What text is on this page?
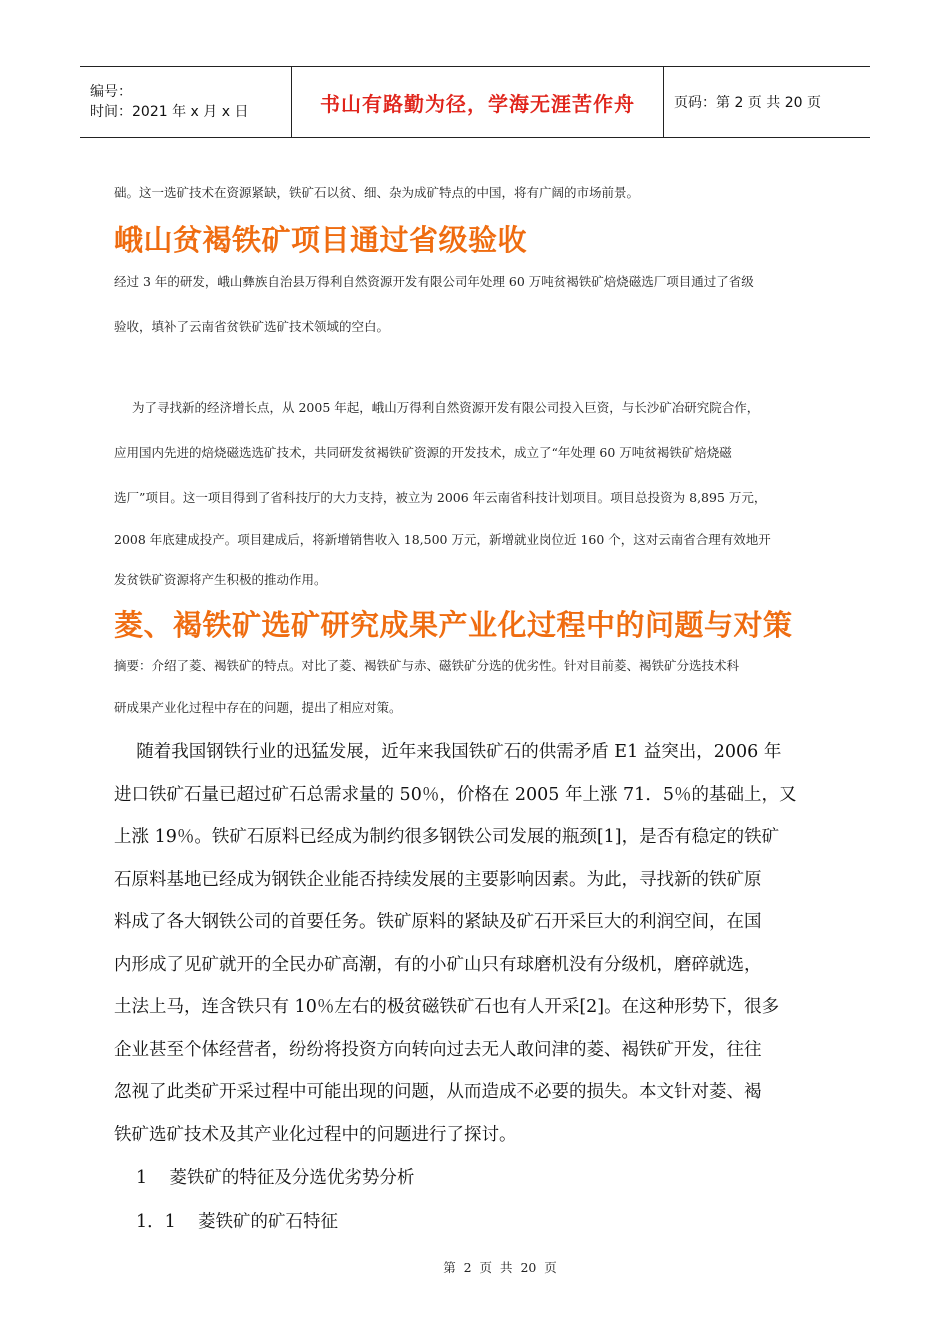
编号：
时间：2021 年 x 月 x 日	书山有路勤为径，学海无涯苦作舟	页码：第 2 页 共 20 页
础。这一选矿技术在资源紧缺，铁矿石以贫、细、杂为成矿特点的中国，将有广阔的市场前景。
峨山贫褐铁矿项目通过省级验收
经过 3 年的研发，峨山彝族自治县万得利自然资源开发有限公司年处理 60 万吨贫褐铁矿焙烧磁选厂项目通过了省级
验收，填补了云南省贫铁矿选矿技术领域的空白。
为了寻找新的经济增长点，从 2005 年起，峨山万得利自然资源开发有限公司投入巨资，与长沙矿冶研究院合作，
应用国内先进的焙烧磁选选矿技术，共同研发贫褐铁矿资源的开发技术，成立了“年处理 60 万吨贫褐铁矿焙烧磁
选厂”项目。这一项目得到了省科技厅的大力支持，被立为 2006 年云南省科技计划项目。项目总投资为 8,895 万元，
2008 年底建成投产。项目建成后，将新增销售收入 18,500 万元，新增就业岗位近 160 个，这对云南省合理有效地开
发贫铁矿资源将产生积极的推动作用。
菱、褐铁矿选矿研究成果产业化过程中的问题与对策
摘要：介绍了菱、褐铁矿的特点。对比了菱、褐铁矿与赤、磁铁矿分选的优劣性。针对目前菱、褐铁矿分选技术科
研成果产业化过程中存在的问题，提出了相应对策。
随着我国钢铁行业的迅猛发展，近年来我国铁矿石的供需矛盾 E1 益突出，2006 年
进口铁矿石量已超过矿石总需求量的 50％，价格在 2005 年上涨 71．5％的基础上，又
上涨 19％。铁矿石原料已经成为制约很多钢铁公司发展的瓶颈[1]，是否有稳定的铁矿
石原料基地已经成为钢铁企业能否持续发展的主要影响因素。为此，寻找新的铁矿原
料成了各大钢铁公司的首要任务。铁矿原料的紧缺及矿石开采巨大的利润空间，在国
内形成了见矿就开的全民办矿高潮，有的小矿山只有球磨机没有分级机，磨碎就选，
土法上马，连含铁只有 10％左右的极贫磁铁矿石也有人开采[2]。在这种形势下，很多
企业甚至个体经营者，纷纷将投资方向转向过去无人敢问津的菱、褐铁矿开发，往往
忽视了此类矿开采过程中可能出现的问题，从而造成不必要的损失。本文针对菱、褐
铁矿选矿技术及其产业化过程中的问题进行了探讨。
1    菱铁矿的特征及分选优劣势分析
1．1    菱铁矿的矿石特征
第  2  页  共  20  页
